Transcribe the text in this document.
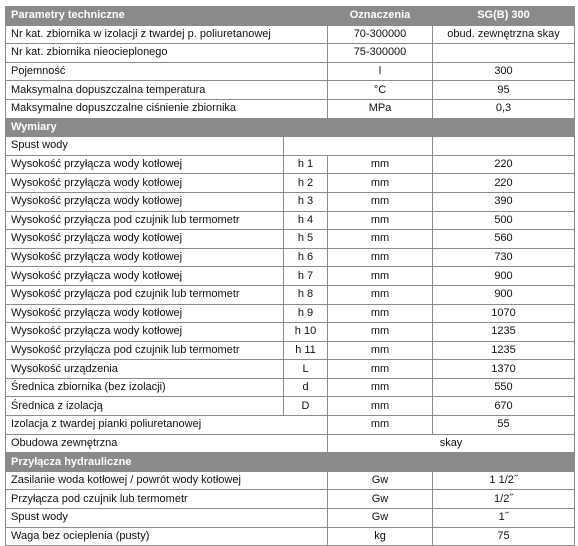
Parametry techniczne		Oznaczenia	SG(B) 300
Nr kat. zbiornika w izolacji z twardej p. poliuretanowej		70-300000	obud. zewnętrzna skay
Nr kat. zbiornika nieocieplonego		75-300000	
Pojemność		l	300
Maksymalna dopuszczalna temperatura		°C	95
Maksymalne dopuszczalne ciśnienie zbiornika		MPa	0,3
Wymiary			
Spust wody			
Wysokość przyłącza wody kotłowej	h 1	mm	220
Wysokość przyłącza wody kotłowej	h 2	mm	220
Wysokość przyłącza wody kotłowej	h 3	mm	390
Wysokość przyłącza pod czujnik lub termometr	h 4	mm	500
Wysokość przyłącza wody kotłowej	h 5	mm	560
Wysokość przyłącza wody kotłowej	h 6	mm	730
Wysokość przyłącza wody kotłowej	h 7	mm	900
Wysokość przyłącza pod czujnik lub termometr	h 8	mm	900
Wysokość przyłącza wody kotłowej	h 9	mm	1070
Wysokość przyłącza wody kotłowej	h 10	mm	1235
Wysokość przyłącza pod czujnik lub termometr	h 11	mm	1235
Wysokość urządzenia	L	mm	1370
Średnica zbiornika (bez izolacji)	d	mm	550
Średnica z izolacją	D	mm	670
Izolacja z twardej pianki poliuretanowej		mm	55
Obudowa zewnętrzna		skay	
Przyłącza hydrauliczne			
Zasilanie woda kotłowej / powrót wody kotłowej		Gw	1 1/2˝
Przyłącza pod czujnik lub termometr		Gw	1/2˝
Spust wody		Gw	1˝
Waga bez ocieplenia (pusty)		kg	75
